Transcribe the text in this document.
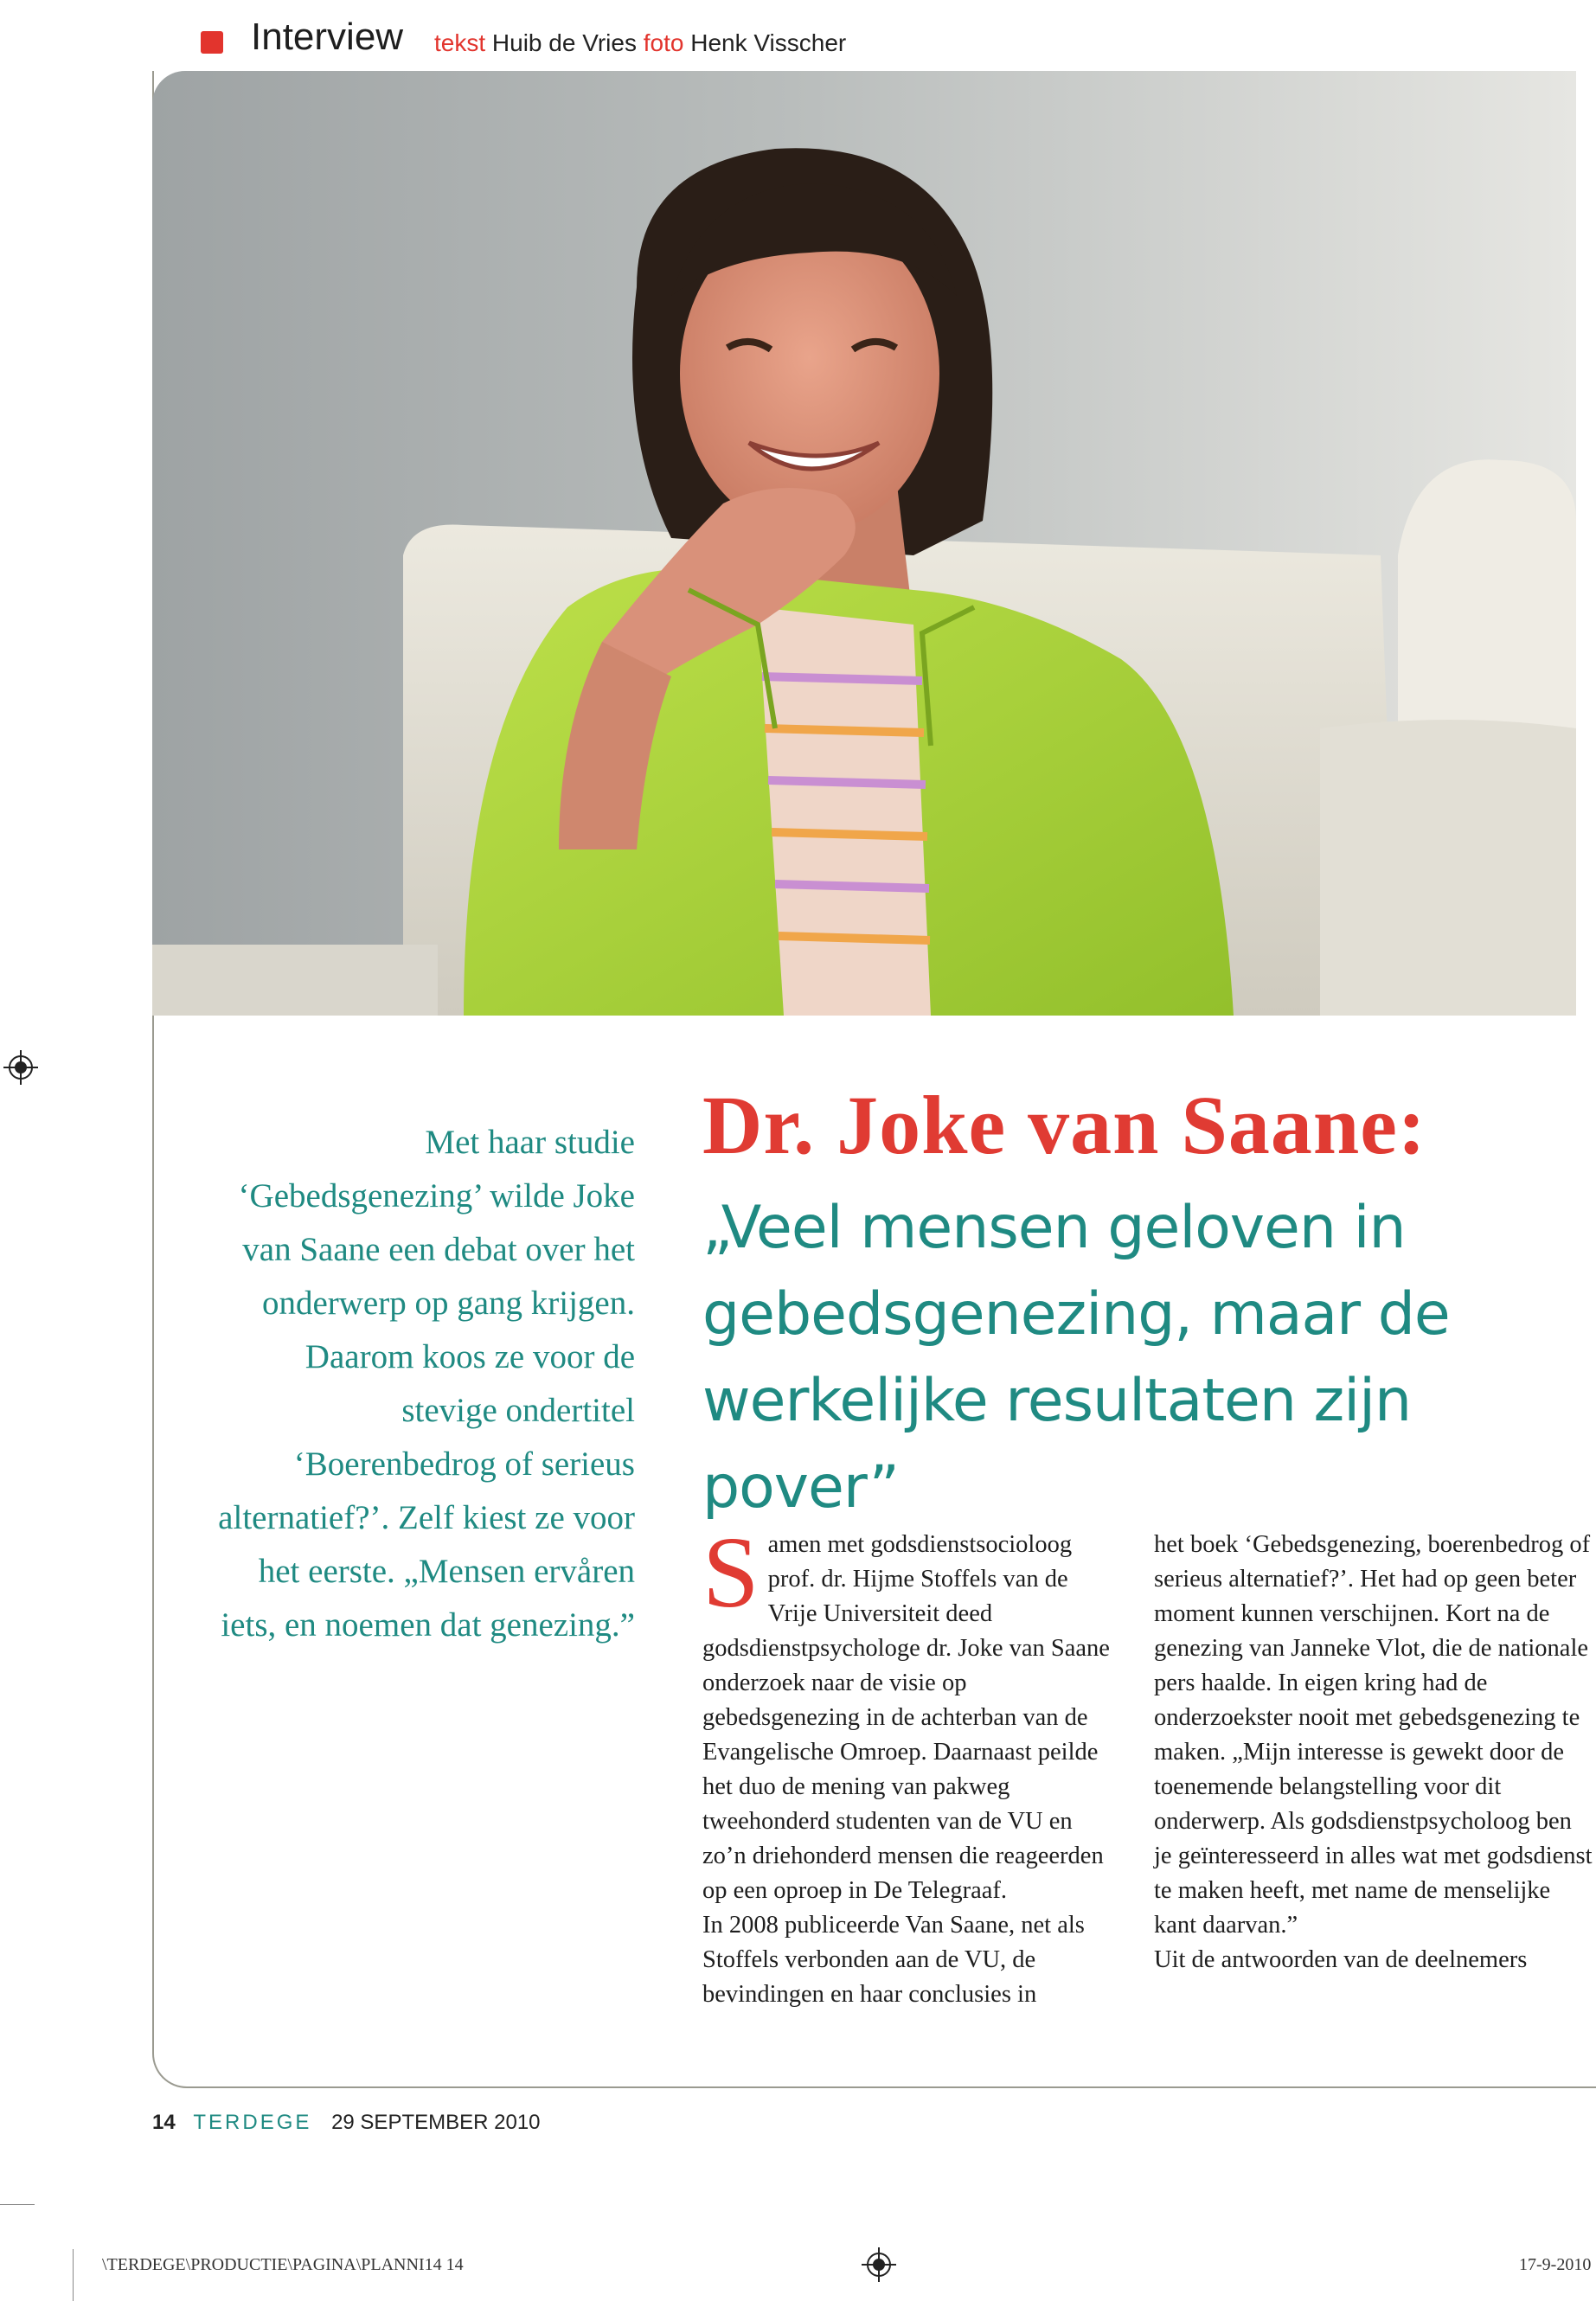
Interview tekst Huib de Vries foto Henk Visscher
Met haar studie ‘Gebedsgenezing’ wilde Joke van Saane een debat over het onderwerp op gang krijgen. Daarom koos ze voor de stevige ondertitel ‘Boerenbedrog of serieus alternatief?’. Zelf kiest ze voor het eerste. „Mensen ervåren iets, en noemen dat genezing.”
Dr. Joke van Saane:
„Veel mensen geloven in gebedsgenezing, maar de werkelijke resultaten zijn pover”
S amen met godsdienstsocioloog prof. dr. Hijme Stoffels van de Vrije Universiteit deed godsdienstpsychologe dr. Joke van Saane onderzoek naar de visie op gebedsgenezing in de achterban van de Evangelische Omroep. Daarnaast peilde het duo de mening van pakweg tweehonderd studenten van de VU en zo’n driehonderd mensen die reageerden op een oproep in De Telegraaf.

In 2008 publiceerde Van Saane, net als Stoffels verbonden aan de VU, de bevindingen en haar conclusies in

het boek ‘Gebedsgenezing, boerenbedrog of serieus alternatief?’. Het had op geen beter moment kunnen verschijnen. Kort na de genezing van Janneke Vlot, die de nationale pers haalde. In eigen kring had de onderzoekster nooit met gebedsgenezing te maken. „Mijn interesse is gewekt door de toenemende belangstelling voor dit onderwerp. Als godsdienstpsycholoog ben je geïnteresseerd in alles wat met godsdienst te maken heeft, met name de menselijke kant daarvan.”

Uit de antwoorden van de deelnemers

14 TERDEGE 29 SEPTEMBER 2010
\TERDEGE\PRODUCTIE\PAGINA\PLANNI14 14	17-9-2010
